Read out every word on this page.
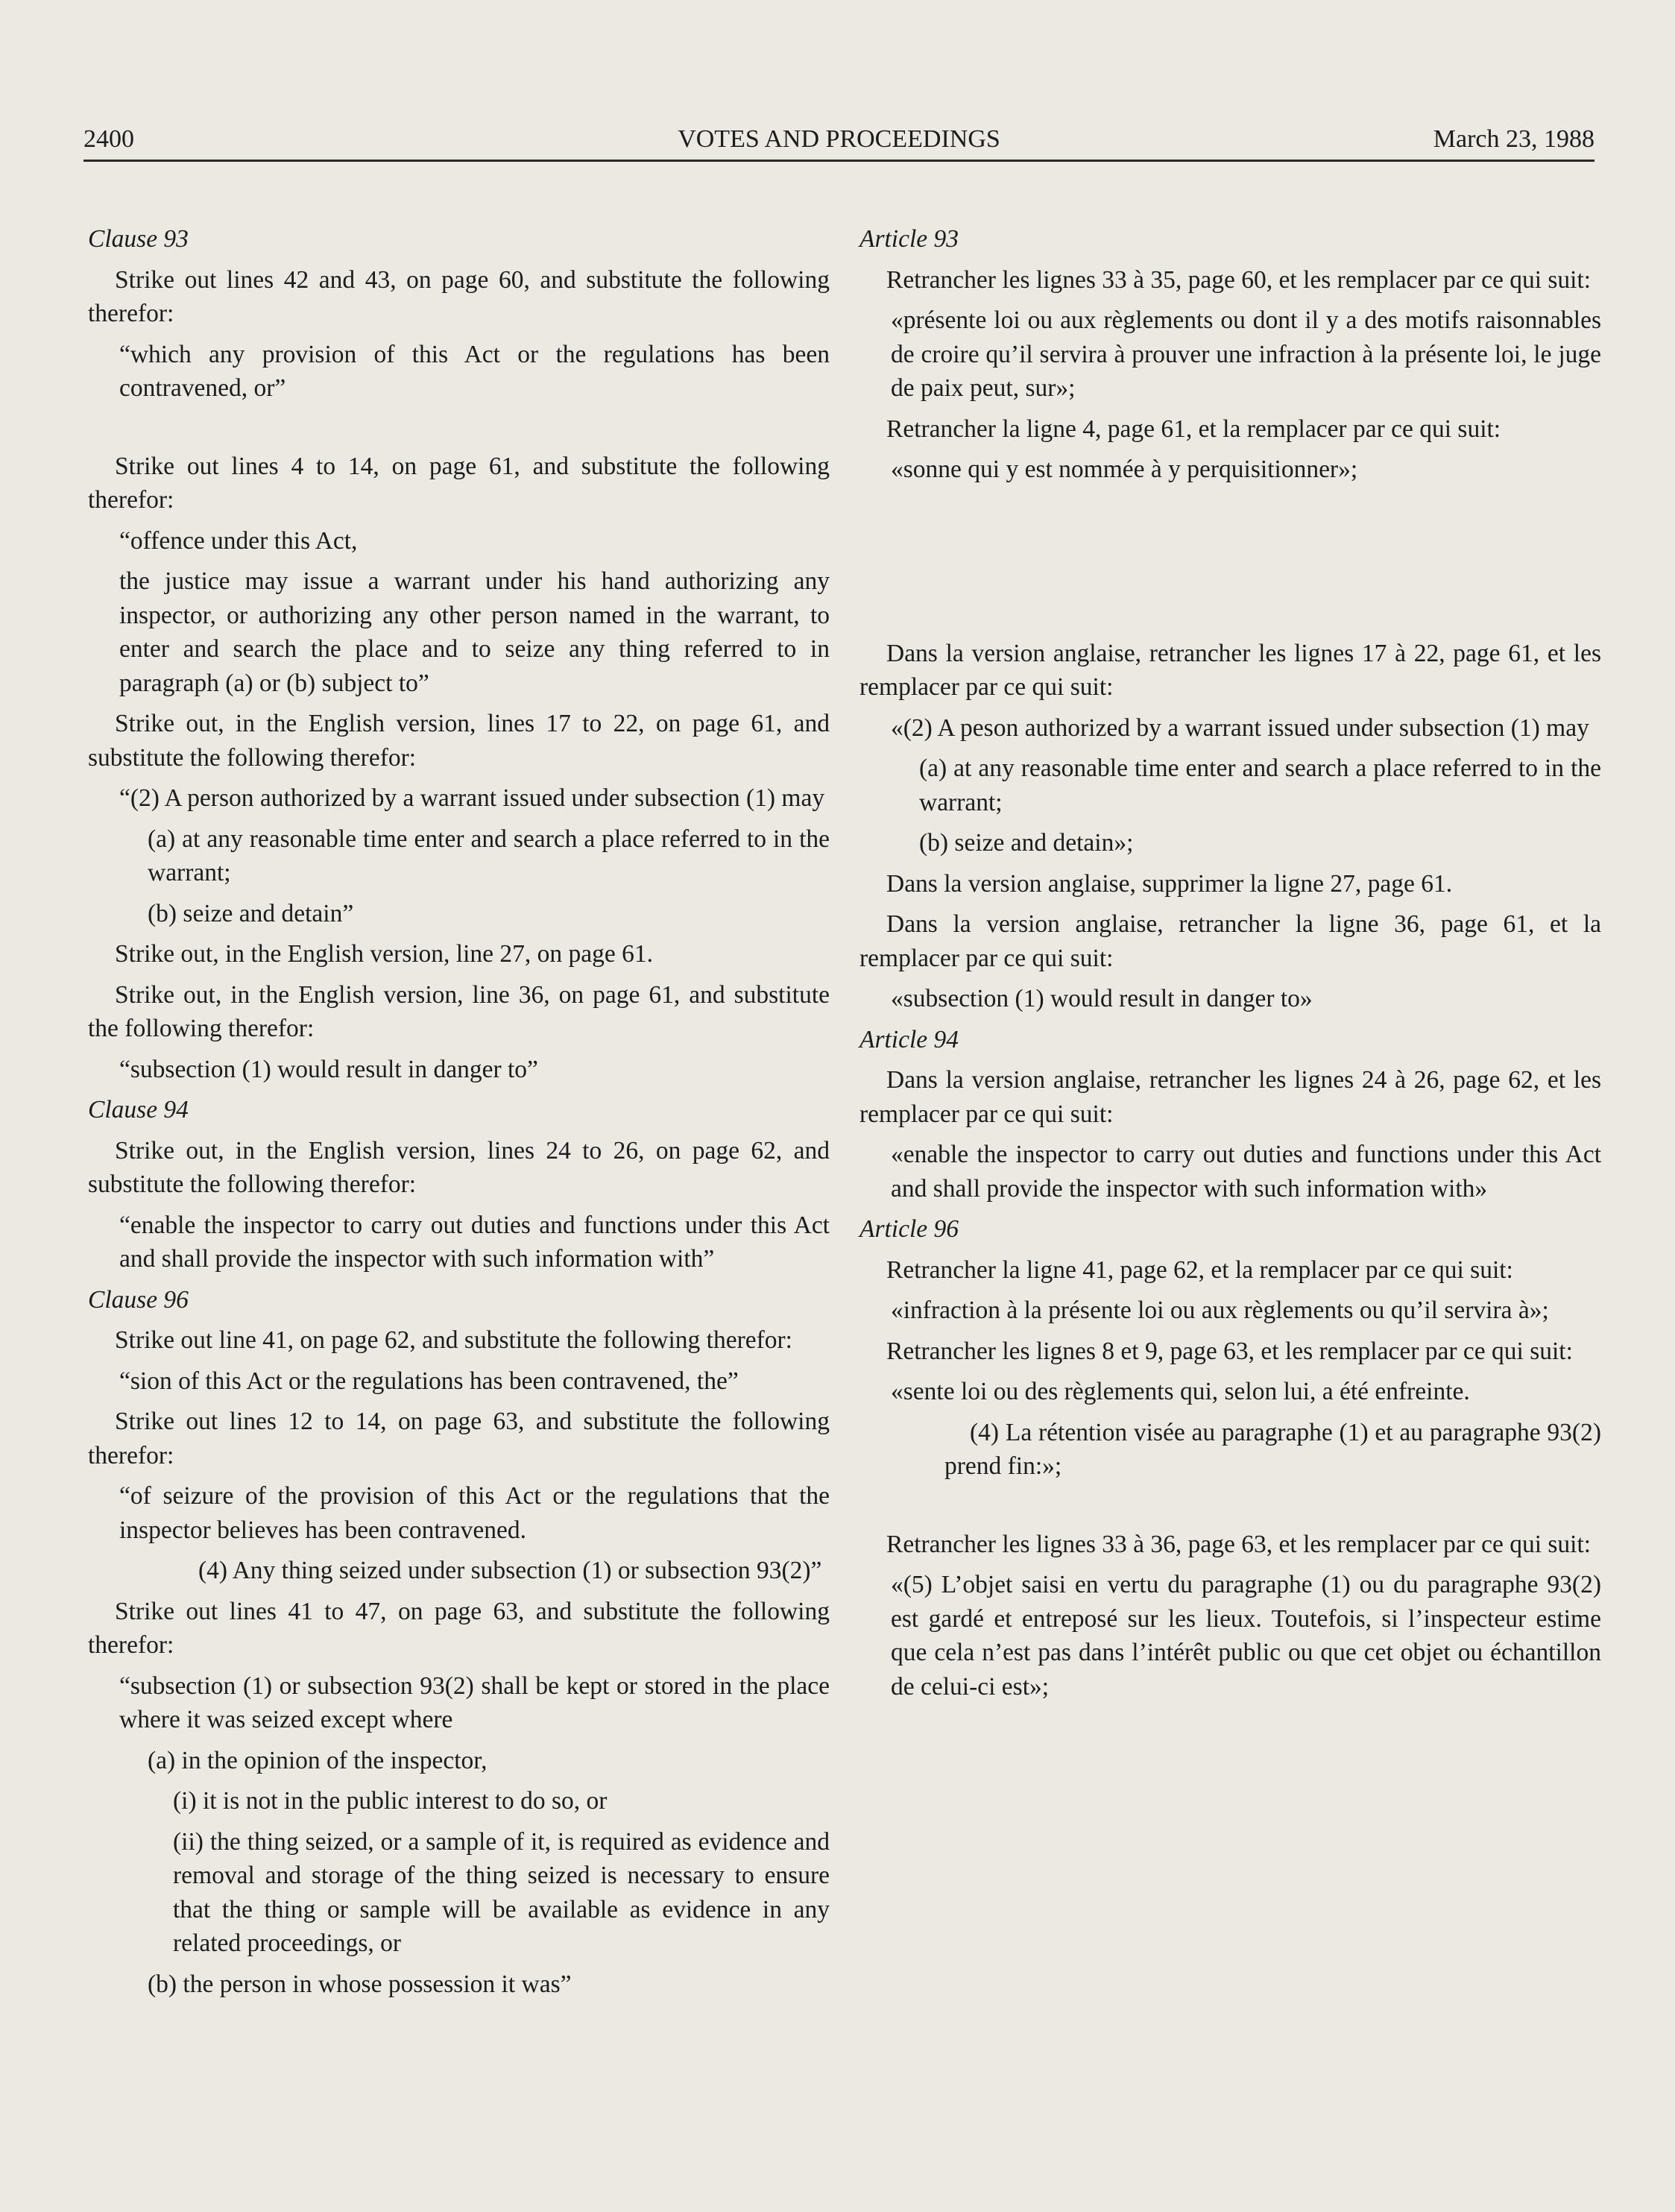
2400	VOTES AND PROCEEDINGS	March 23, 1988

Clause 93

Strike out lines 42 and 43, on page 60, and substitute the following therefor:

“which any provision of this Act or the regulations has been contravened, or”

Strike out lines 4 to 14, on page 61, and substitute the following therefor:

“offence under this Act,

the justice may issue a warrant under his hand authorizing any inspector, or authorizing any other person named in the warrant, to enter and search the place and to seize any thing referred to in paragraph (a) or (b) subject to”

Strike out, in the English version, lines 17 to 22, on page 61, and substitute the following therefor:

“(2) A person authorized by a warrant issued under subsection (1) may

(a) at any reasonable time enter and search a place referred to in the warrant;

(b) seize and detain”

Strike out, in the English version, line 27, on page 61.

Strike out, in the English version, line 36, on page 61, and substitute the following therefor:

“subsection (1) would result in danger to”

Clause 94

Strike out, in the English version, lines 24 to 26, on page 62, and substitute the following therefor:

“enable the inspector to carry out duties and functions under this Act and shall provide the inspector with such information with”

Clause 96

Strike out line 41, on page 62, and substitute the following therefor:

“sion of this Act or the regulations has been contravened, the”

Strike out lines 12 to 14, on page 63, and substitute the following therefor:

“of seizure of the provision of this Act or the regulations that the inspector believes has been contravened.

(4) Any thing seized under subsection (1) or subsection 93(2)”

Strike out lines 41 to 47, on page 63, and substitute the following therefor:

“subsection (1) or subsection 93(2) shall be kept or stored in the place where it was seized except where

(a) in the opinion of the inspector,

(i) it is not in the public interest to do so, or

(ii) the thing seized, or a sample of it, is required as evidence and removal and storage of the thing seized is necessary to ensure that the thing or sample will be available as evidence in any related proceedings, or

(b) the person in whose possession it was”

Article 93

Retrancher les lignes 33 à 35, page 60, et les remplacer par ce qui suit:

«présente loi ou aux règlements ou dont il y a des motifs raisonnables de croire qu’il servira à prouver une infraction à la présente loi, le juge de paix peut, sur»;

Retrancher la ligne 4, page 61, et la remplacer par ce qui suit:

«sonne qui y est nommée à y perquisitionner»;

Dans la version anglaise, retrancher les lignes 17 à 22, page 61, et les remplacer par ce qui suit:

«(2) A peson authorized by a warrant issued under subsection (1) may

(a) at any reasonable time enter and search a place referred to in the warrant;

(b) seize and detain»;

Dans la version anglaise, supprimer la ligne 27, page 61.

Dans la version anglaise, retrancher la ligne 36, page 61, et la remplacer par ce qui suit:

«subsection (1) would result in danger to»

Article 94

Dans la version anglaise, retrancher les lignes 24 à 26, page 62, et les remplacer par ce qui suit:

«enable the inspector to carry out duties and functions under this Act and shall provide the inspector with such information with»

Article 96

Retrancher la ligne 41, page 62, et la remplacer par ce qui suit:

«infraction à la présente loi ou aux règlements ou qu’il servira à»;

Retrancher les lignes 8 et 9, page 63, et les remplacer par ce qui suit:

«sente loi ou des règlements qui, selon lui, a été enfreinte.

(4) La rétention visée au paragraphe (1) et au paragraphe 93(2) prend fin:»;

Retrancher les lignes 33 à 36, page 63, et les remplacer par ce qui suit:

«(5) L’objet saisi en vertu du paragraphe (1) ou du paragraphe 93(2) est gardé et entreposé sur les lieux. Toutefois, si l’inspecteur estime que cela n’est pas dans l’intérêt public ou que cet objet ou échantillon de celui-ci est»;
